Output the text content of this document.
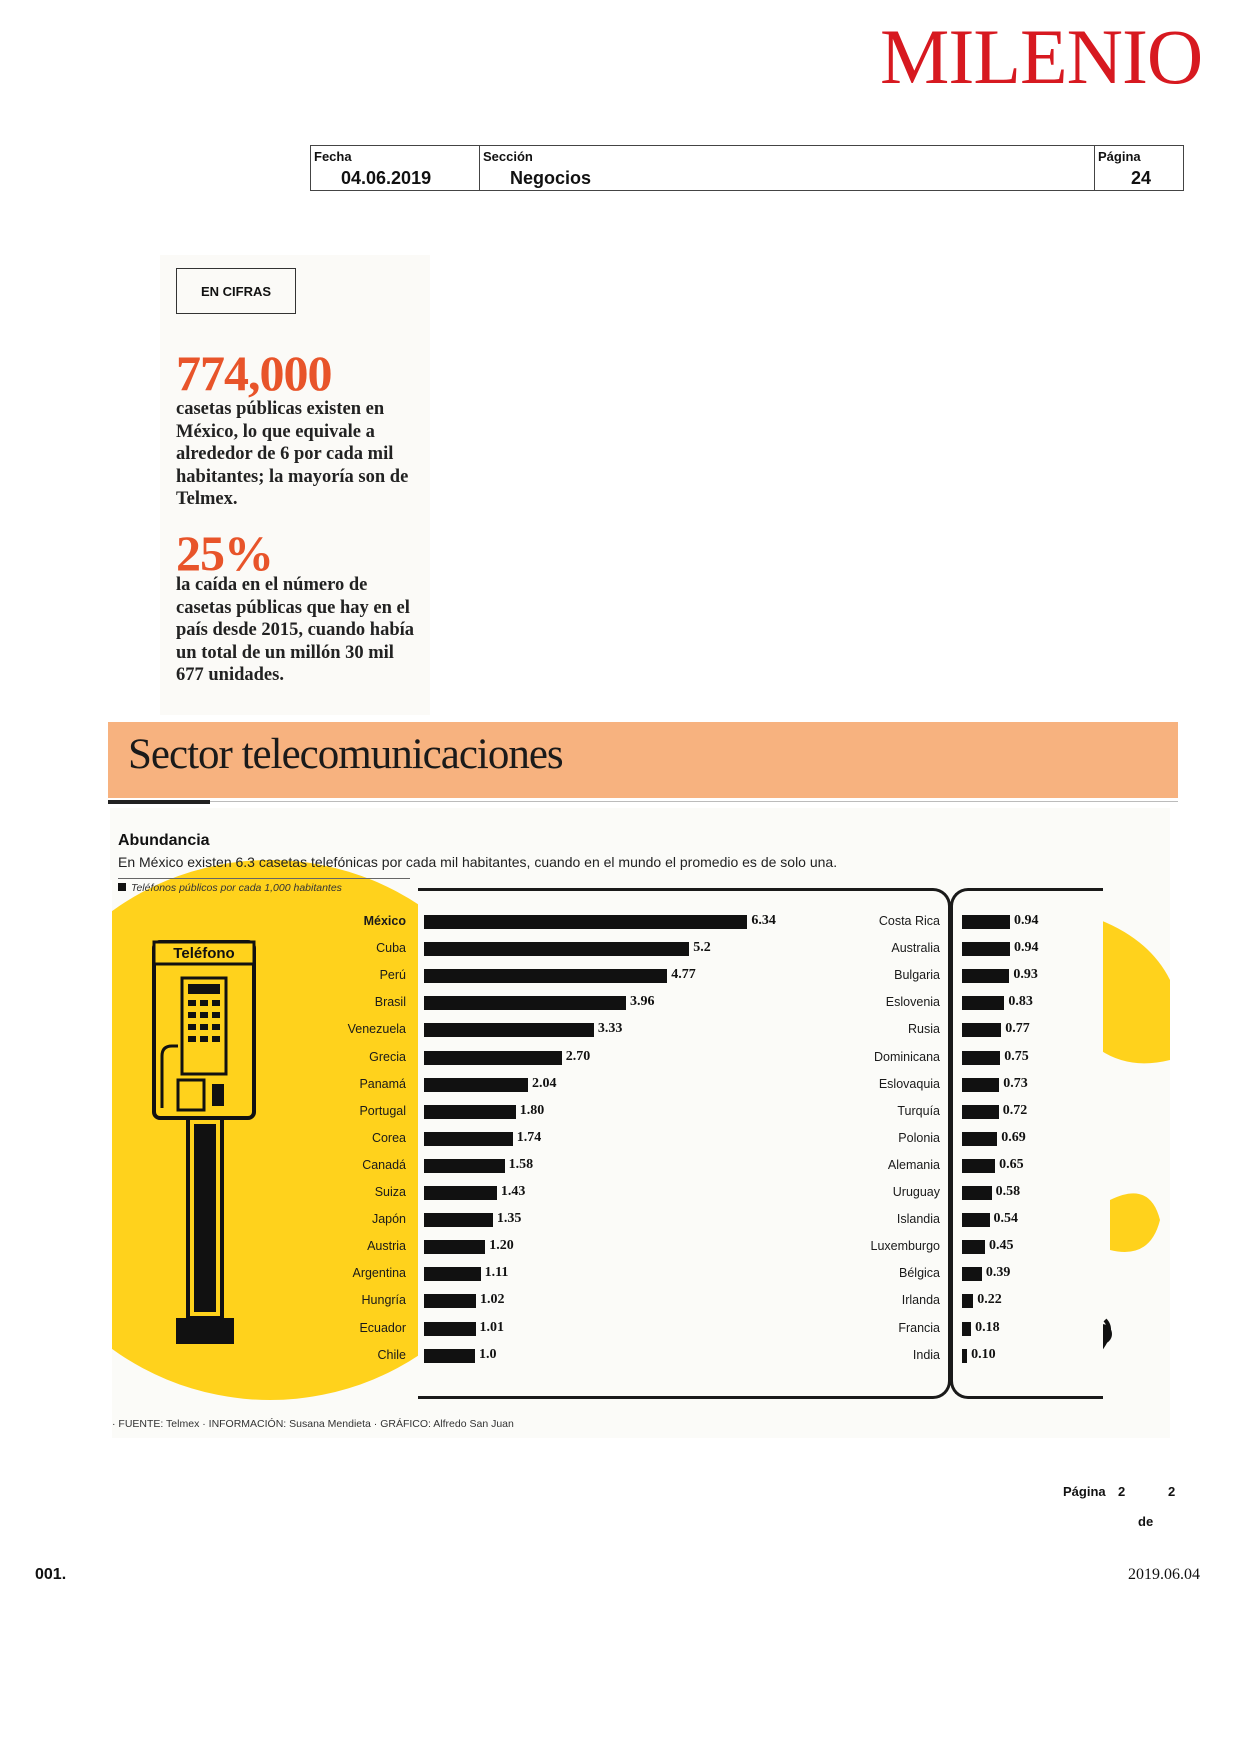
MILENIO
Fecha
04.06.2019
Sección
Negocios
Página
24
EN CIFRAS
774,000
casetas públicas existen en México, lo que equivale a alrededor de 6 por cada mil habitantes; la mayoría son de Telmex.
25%
la caída en el número de casetas públicas que hay en el país desde 2015, cuando había un total de un millón 30 mil 677 unidades.
Sector telecomunicaciones
Abundancia
En México existen 6.3 casetas telefónicas por cada mil habitantes, cuando en el mundo el promedio es de solo una.
Teléfonos públicos por cada 1,000 habitantes
Teléfono
· FUENTE: Telmex · INFORMACIÓN: Susana Mendieta · GRÁFICO: Alfredo San Juan
Página 2	2
de
001.	2019.06.04
México	6.34
Cuba	5.2
Perú	4.77
Brasil	3.96
Venezuela	3.33
Grecia	2.70
Panamá	2.04
Portugal	1.80
Corea	1.74
Canadá	1.58
Suiza	1.43
Japón	1.35
Austria	1.20
Argentina	1.11
Hungría	1.02
Ecuador	1.01
Chile	1.0
Costa Rica	0.94
Australia	0.94
Bulgaria	0.93
Eslovenia	0.83
Rusia	0.77
Dominicana	0.75
Eslovaquia	0.73
Turquía	0.72
Polonia	0.69
Alemania	0.65
Uruguay	0.58
Islandia	0.54
Luxemburgo	0.45
Bélgica	0.39
Irlanda	0.22
Francia	0.18
India 0.10
